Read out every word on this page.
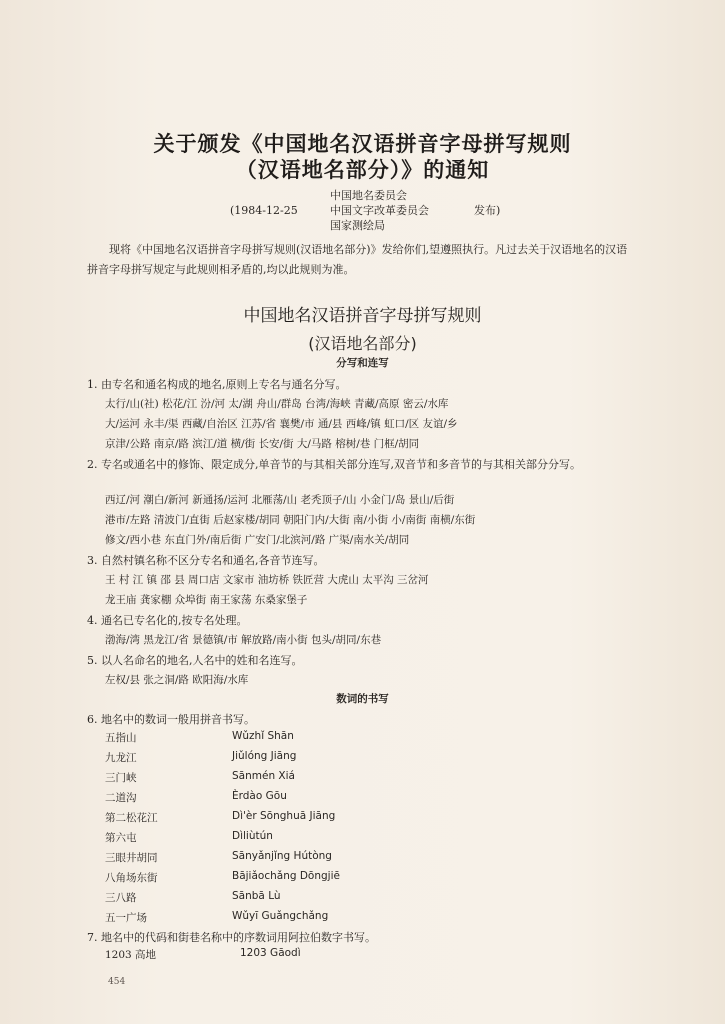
关于颁发《中国地名汉语拼音字母拼写规则
（汉语地名部分）》的通知
中国地名委员会
(1984-12-25	中国文字改革委员会	发布)
国家测绘局
现将《中国地名汉语拼音字母拼写规则(汉语地名部分)》发给你们,望遵照执行。凡过去关于汉语地名的汉语拼音字母拼写规定与此规则相矛盾的,均以此规则为准。
中国地名汉语拼音字母拼写规则
(汉语地名部分)
分写和连写
1. 由专名和通名构成的地名,原则上专名与通名分写。
太行/山(社) 松花/江 汾/河 太/湖 舟山/群岛 台湾/海峡 青藏/高原 密云/水库
大/运河 永丰/渠 西藏/自治区 江苏/省 襄樊/市 通/县 西峰/镇 虹口/区 友谊/乡
京津/公路 南京/路 滨江/道 横/街 长安/街 大/马路 榕树/巷 门框/胡同
2. 专名或通名中的修饰、限定成分,单音节的与其相关部分连写,双音节和多音节的与其相关部分分写。
西辽/河 潮白/新河 新通扬/运河 北雁荡/山 老秃顶子/山 小金门/岛 景山/后街
港市/左路 清波门/直街 后赵家楼/胡同 朝阳门内/大街 南/小街 小/南街 南横/东街
修文/西小巷 东直门外/南后街 广安门/北滨河/路 广渠/南水关/胡同
3. 自然村镇名称不区分专名和通名,各音节连写。
王 村 江 镇 邵 县 周口店 文家市 油坊桥 铁匠营 大虎山 太平沟 三岔河
龙王庙 龚家棚 众埠街 南王家荡 东桑家堡子
4. 通名已专名化的,按专名处理。
渤海/湾 黑龙江/省 景德镇/市 解放路/南小街 包头/胡同/东巷
5. 以人名命名的地名,人名中的姓和名连写。
左权/县 张之洞/路 欧阳海/水库
数词的书写
6. 地名中的数词一般用拼音书写。
五指山	Wǔzhǐ Shān
九龙江	Jiǔlóng Jiāng
三门峡	Sānmén Xiá
二道沟	Èrdào Gōu
第二松花江	Dì'èr Sōnghuā Jiāng
第六屯	Dìliùtún
三眼井胡同	Sānyǎnjǐng Hútòng
八角场东街	Bājiǎochǎng Dōngjiē
三八路	Sānbā Lù
五一广场	Wǔyī Guǎngchǎng
7. 地名中的代码和街巷名称中的序数词用阿拉伯数字书写。
1203 高地	1203 Gāodì
454
